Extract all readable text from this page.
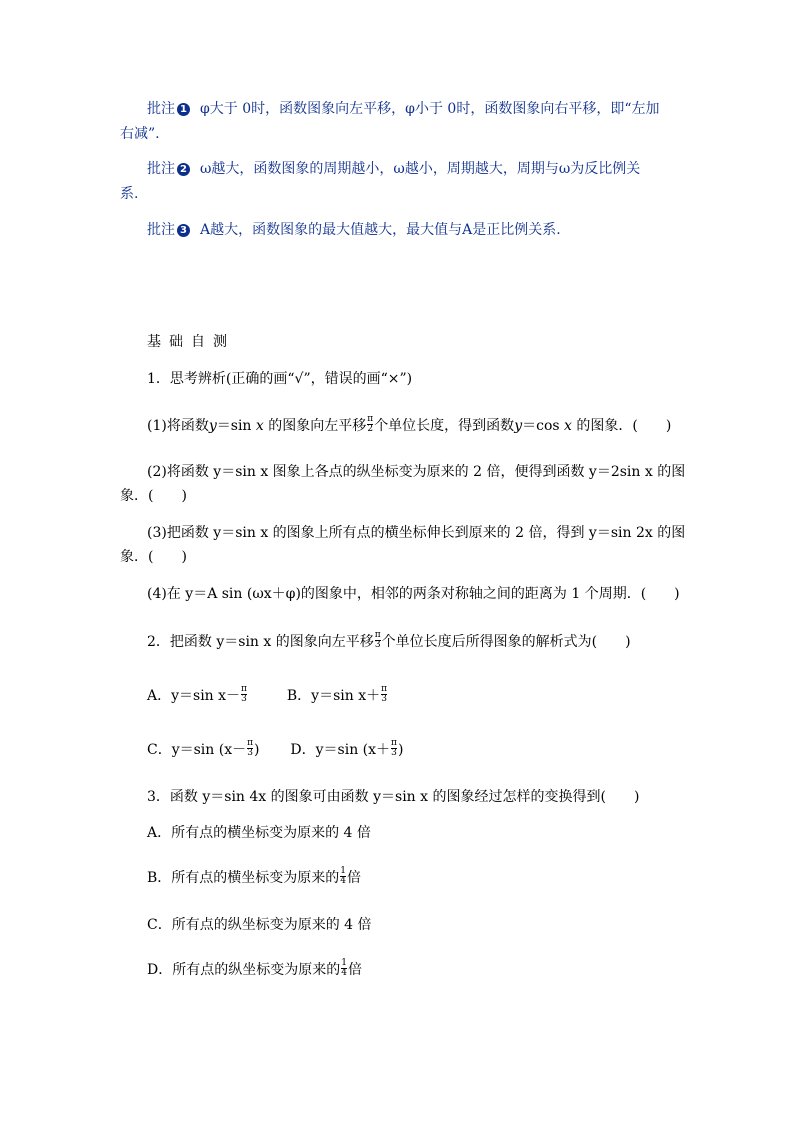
批注 1 φ大于 0时，函数图象向左平移，φ小于 0时，函数图象向右平移，即“左加
右减”.
批注 2 ω越大，函数图象的周期越小，ω越小，周期越大，周期与ω为反比例关
系.
批注 3 A越大，函数图象的最大值越大，最大值与A是正比例关系.
基础自测
1．思考辨析(正确的画“√”，错误的画“×”)
(1)将函数y＝sin x 的图象向左平移 $\frac{\pi}{2}$ 个单位长度，得到函数y＝cos x 的图象．(　　)
(2)将函数 y＝sin x 图象上各点的纵坐标变为原来的 2 倍，便得到函数 y＝2sin x 的图
象．(　　)
(3)把函数 y＝sin x 的图象上所有点的横坐标伸长到原来的 2 倍，得到 y＝sin 2x 的图
象．(　　)
(4)在 y＝A sin (ωx＋φ)的图象中，相邻的两条对称轴之间的距离为 1 个周期．(　　)
2．把函数 y＝sin x 的图象向左平移 $\frac{\pi}{3}$ 个单位长度后所得图象的解析式为(　　)
A．y＝sin $x- \frac{\pi}{3}$	B．y＝sin $x+ \frac{\pi}{3}$
C．y＝sin ($x- \frac{\pi}{3}$ ) D．y＝sin ($x+ \frac{\pi}{3}$ )
3．函数 y＝sin 4x 的图象可由函数 y＝sin x 的图象经过怎样的变换得到(　　)
A．所有点的横坐标变为原来的 4 倍
B．所有点的横坐标变为原来的 $\frac{1}{4}$ 倍
C．所有点的纵坐标变为原来的 4 倍
D．所有点的纵坐标变为原来的 $\frac{1}{4}$ 倍
